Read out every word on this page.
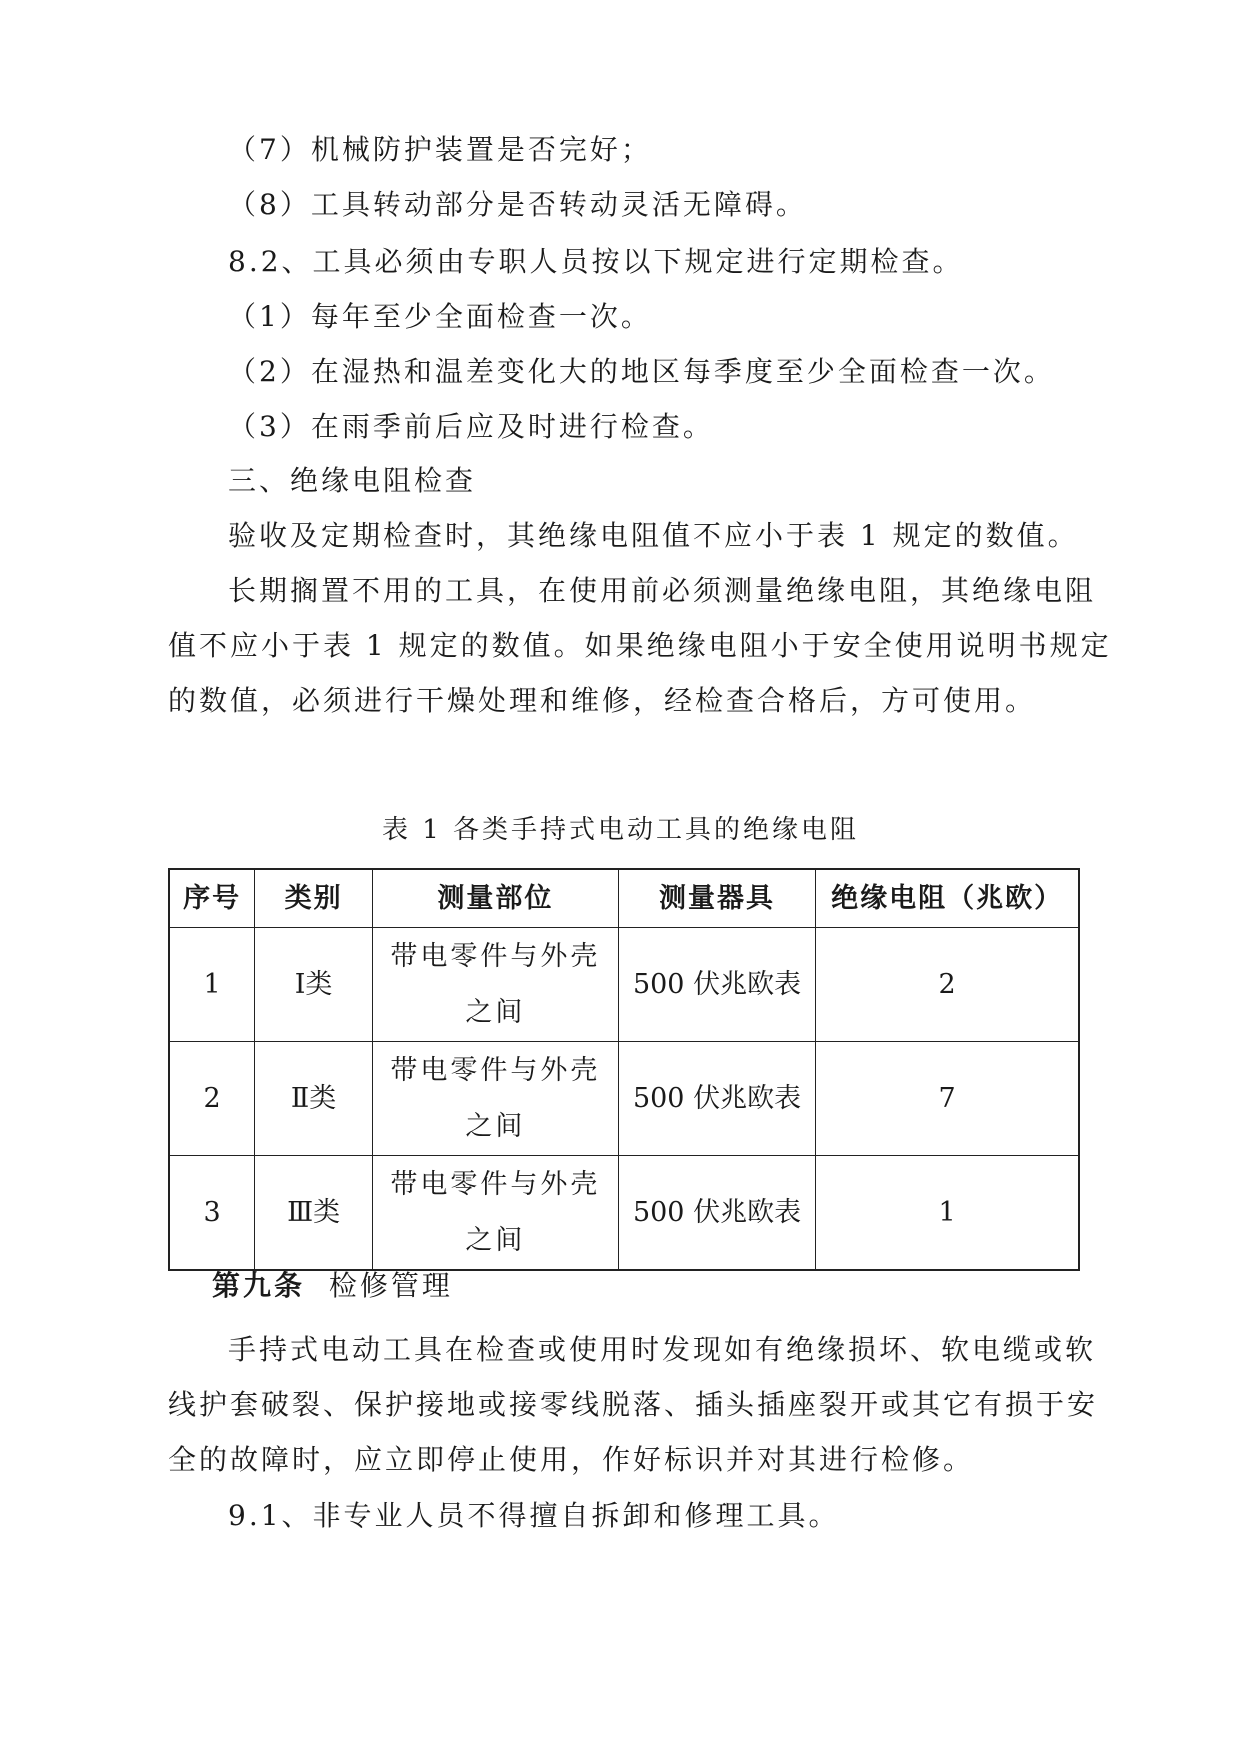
（7）机械防护装置是否完好；
（8）工具转动部分是否转动灵活无障碍。
8.2、工具必须由专职人员按以下规定进行定期检查。
（1）每年至少全面检查一次。
（2）在湿热和温差变化大的地区每季度至少全面检查一次。
（3）在雨季前后应及时进行检查。
三、绝缘电阻检查
验收及定期检查时，其绝缘电阻值不应小于表 1 规定的数值。
长期搁置不用的工具，在使用前必须测量绝缘电阻，其绝缘电阻
值不应小于表 1 规定的数值。如果绝缘电阻小于安全使用说明书规定
的数值，必须进行干燥处理和维修，经检查合格后，方可使用。
表 1 各类手持式电动工具的绝缘电阻
序号	类别	测量部位	测量器具	绝缘电阻（兆欧）
1	Ⅰ类	带电零件与外壳之间	500 伏兆欧表	2
2	Ⅱ类	带电零件与外壳之间	500 伏兆欧表	7
3	Ⅲ类	带电零件与外壳之间	500 伏兆欧表	1
第九条 检修管理
手持式电动工具在检查或使用时发现如有绝缘损坏、软电缆或软
线护套破裂、保护接地或接零线脱落、插头插座裂开或其它有损于安
全的故障时，应立即停止使用，作好标识并对其进行检修。
9.1、非专业人员不得擅自拆卸和修理工具。
